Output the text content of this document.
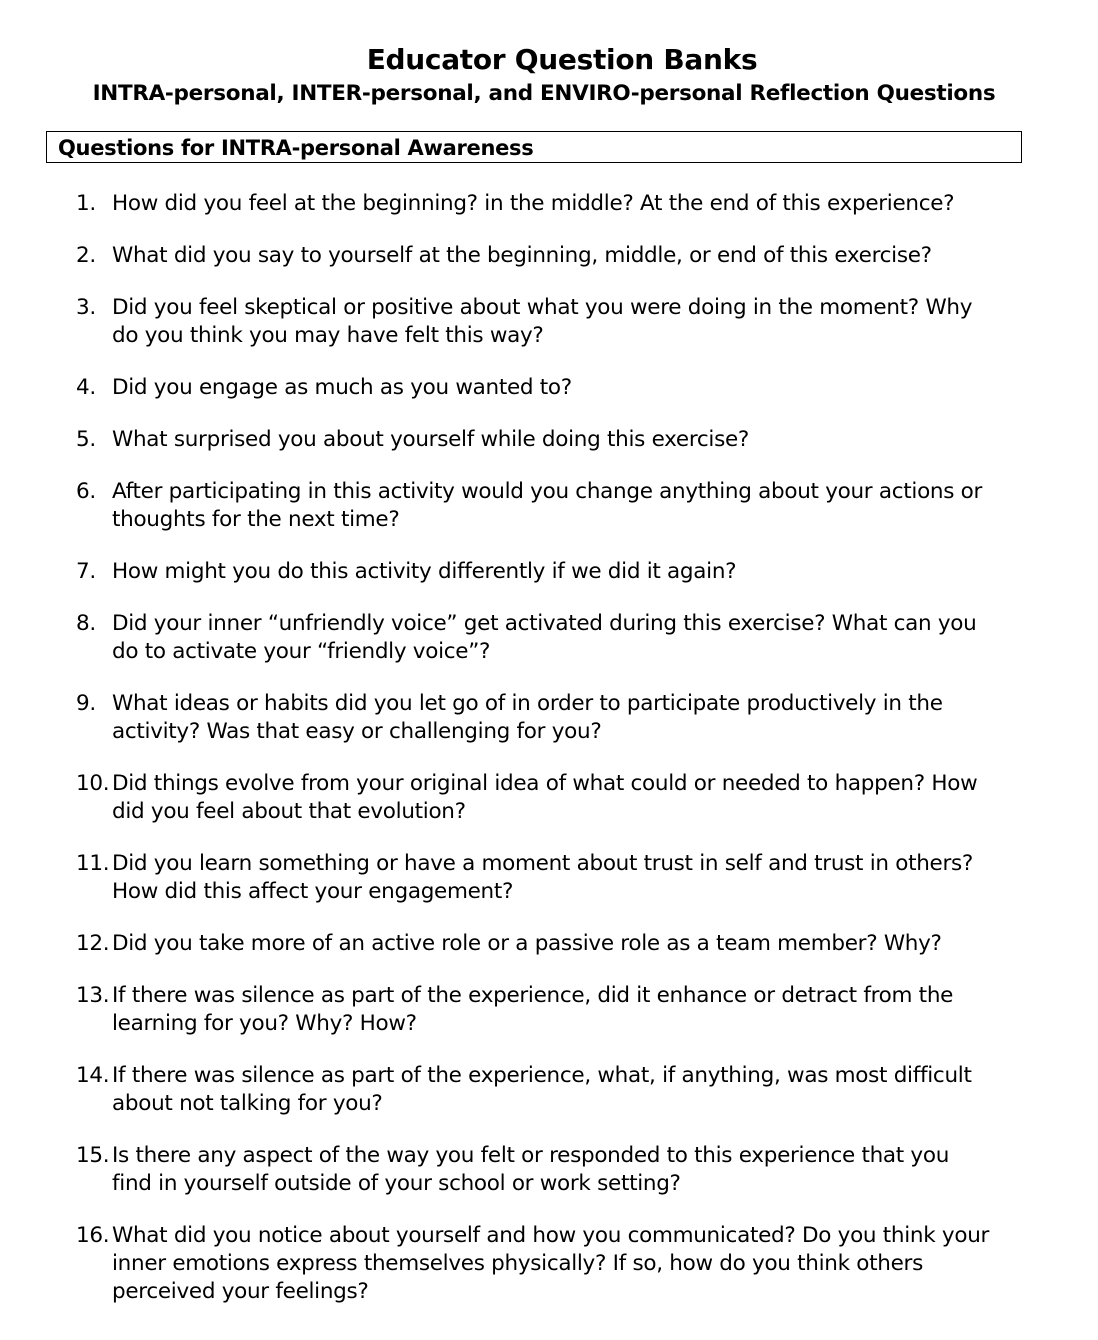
Educator Question Banks
INTRA-personal, INTER-personal, and ENVIRO-personal Reflection Questions
Questions for INTRA-personal Awareness
1. How did you feel at the beginning? in the middle? At the end of this experience?
2. What did you say to yourself at the beginning, middle, or end of this exercise?
3. Did you feel skeptical or positive about what you were doing in the moment? Why
do you think you may have felt this way?
4. Did you engage as much as you wanted to?
5. What surprised you about yourself while doing this exercise?
6. After participating in this activity would you change anything about your actions or
thoughts for the next time?
7. How might you do this activity differently if we did it again?
8. Did your inner “unfriendly voice” get activated during this exercise? What can you
do to activate your “friendly voice”?
9. What ideas or habits did you let go of in order to participate productively in the
activity? Was that easy or challenging for you?
10. Did things evolve from your original idea of what could or needed to happen? How
did you feel about that evolution?
11. Did you learn something or have a moment about trust in self and trust in others?
How did this affect your engagement?
12. Did you take more of an active role or a passive role as a team member? Why?
13. If there was silence as part of the experience, did it enhance or detract from the
learning for you? Why? How?
14. If there was silence as part of the experience, what, if anything, was most difficult
about not talking for you?
15. Is there any aspect of the way you felt or responded to this experience that you
find in yourself outside of your school or work setting?
16. What did you notice about yourself and how you communicated? Do you think your
inner emotions express themselves physically? If so, how do you think others
perceived your feelings?
